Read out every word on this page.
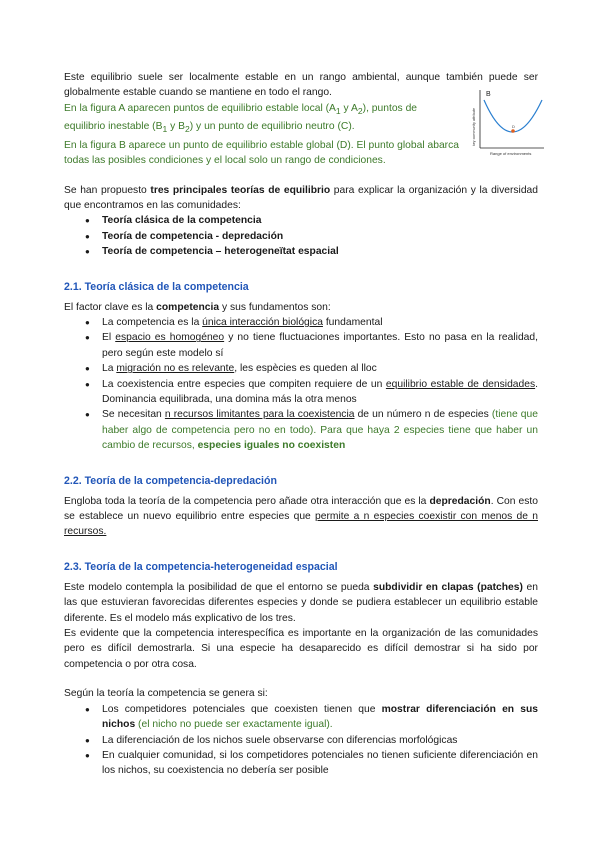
D
B
key community attribute
Range of environments

Este equilibrio suele ser localmente estable en un rango ambiental, aunque también puede ser globalmente estable cuando se mantiene en todo el rango.

En la figura A aparecen puntos de equilibrio estable local ($A_1$ y $A_2$), puntos de equilibrio inestable ($B_1$ y $B_2$) y un punto de equilibrio neutro (C).

En la figura B aparece un punto de equilibrio estable global (D). El punto global abarca todas las posibles condiciones y el local solo un rango de condiciones.

Se han propuesto tres principales teorías de equilibrio para explicar la organización y la diversidad que encontramos en las comunidades:

● Teoría clásica de la competencia
● Teoría de competencia - depredación
● Teoría de competencia – heterogeneïtat espacial
2.1. Teoría clásica de la competencia

El factor clave es la competencia y sus fundamentos son:

● La competencia es la única interacción biológica fundamental
● El espacio es homogéneo y no tiene fluctuaciones importantes. Esto no pasa en la realidad, pero según este modelo sí
● La migración no es relevante, les espècies es queden al lloc
● La coexistencia entre especies que compiten requiere de un equilibrio estable de densidades. Dominancia equilibrada, una domina más la otra menos
● Se necesitan n recursos limitantes para la coexistencia de un número n de especies (tiene que haber algo de competencia pero no en todo). Para que haya 2 especies tiene que haber un cambio de recursos, especies iguales no coexisten
2.2. Teoría de la competencia-depredación

Engloba toda la teoría de la competencia pero añade otra interacción que es la depredación. Con esto se establece un nuevo equilibrio entre especies que permite a n especies coexistir con menos de n recursos.

2.3. Teoría de la competencia-heterogeneidad espacial

Este modelo contempla la posibilidad de que el entorno se pueda subdividir en clapas (patches) en las que estuvieran favorecidas diferentes especies y donde se pudiera establecer un equilibrio estable diferente. Es el modelo más explicativo de los tres.

Es evidente que la competencia interespecífica es importante en la organización de las comunidades pero es difícil demostrarla. Si una especie ha desaparecido es difícil demostrar si ha sido por competencia o por otra cosa.

Según la teoría la competencia se genera si:

● Los competidores potenciales que coexisten tienen que mostrar diferenciación en sus nichos (el nicho no puede ser exactamente igual).
● La diferenciación de los nichos suele observarse con diferencias morfológicas
● En cualquier comunidad, si los competidores potenciales no tienen suficiente diferenciación en los nichos, su coexistencia no debería ser posible
